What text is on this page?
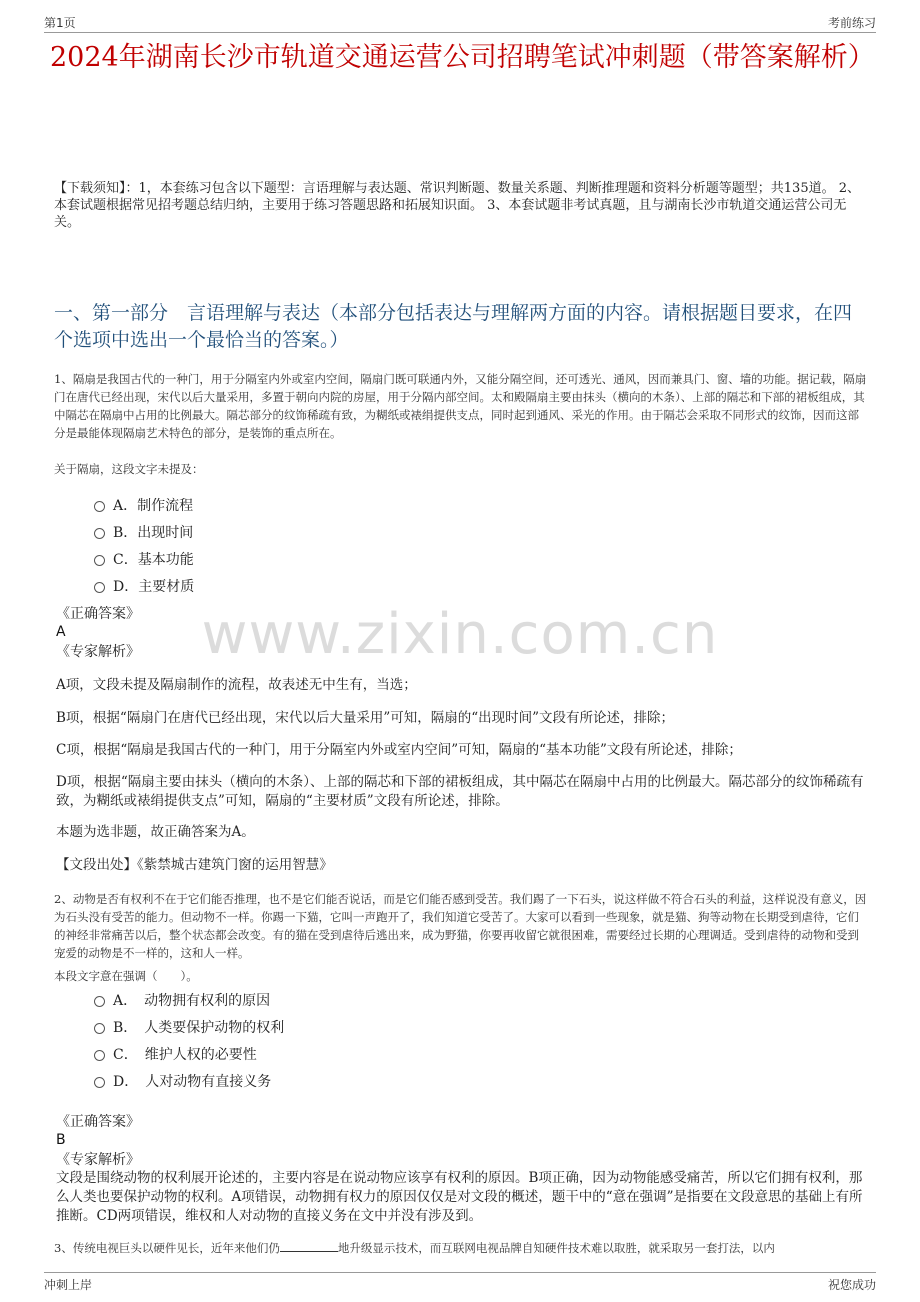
第1页	考前练习
2024年湖南长沙市轨道交通运营公司招聘笔试冲刺题（带答案解析）
【下载须知】：1，本套练习包含以下题型：言语理解与表达题、常识判断题、数量关系题、判断推理题和资料分析题等题型；共135道。 2、本套试题根据常见招考题总结归纳，主要用于练习答题思路和拓展知识面。 3、本套试题非考试真题，且与湖南长沙市轨道交通运营公司无关。
一、第一部分　言语理解与表达（本部分包括表达与理解两方面的内容。请根据题目要求，在四个选项中选出一个最恰当的答案。）
1、隔扇是我国古代的一种门，用于分隔室内外或室内空间，隔扇门既可联通内外，又能分隔空间，还可透光、通风，因而兼具门、窗、墙的功能。据记载，隔扇门在唐代已经出现，宋代以后大量采用，多置于朝向内院的房屋，用于分隔内部空间。太和殿隔扇主要由抹头（横向的木条）、上部的隔芯和下部的裙板组成，其中隔芯在隔扇中占用的比例最大。隔芯部分的纹饰稀疏有致，为糊纸或裱绢提供支点，同时起到通风、采光的作用。由于隔芯会采取不同形式的纹饰，因而这部分是最能体现隔扇艺术特色的部分，是装饰的重点所在。
关于隔扇，这段文字未提及：
A．制作流程
B．出现时间
C．基本功能
D．主要材质
《正确答案》
A
《专家解析》
A项，文段未提及隔扇制作的流程，故表述无中生有，当选；
B项，根据“隔扇门在唐代已经出现，宋代以后大量采用”可知，隔扇的“出现时间”文段有所论述，排除；
C项，根据“隔扇是我国古代的一种门，用于分隔室内外或室内空间”可知，隔扇的“基本功能”文段有所论述，排除；
D项，根据“隔扇主要由抹头（横向的木条）、上部的隔芯和下部的裙板组成，其中隔芯在隔扇中占用的比例最大。隔芯部分的纹饰稀疏有致，为糊纸或裱绢提供支点”可知，隔扇的“主要材质”文段有所论述，排除。
本题为选非题，故正确答案为A。
【文段出处】《紫禁城古建筑门窗的运用智慧》
2、动物是否有权利不在于它们能否推理，也不是它们能否说话，而是它们能否感到受苦。我们踢了一下石头，说这样做不符合石头的利益，这样说没有意义，因为石头没有受苦的能力。但动物不一样。你踢一下猫，它叫一声跑开了，我们知道它受苦了。大家可以看到一些现象，就是猫、狗等动物在长期受到虐待，它们的神经非常痛苦以后，整个状态都会改变。有的猫在受到虐待后逃出来，成为野猫，你要再收留它就很困难，需要经过长期的心理调适。受到虐待的动物和受到宠爱的动物是不一样的，这和人一样。
本段文字意在强调（　　）。
A．　动物拥有权利的原因
B．　人类要保护动物的权利
C．　维护人权的必要性
D．　人对动物有直接义务
《正确答案》
B
《专家解析》
文段是围绕动物的权利展开论述的，主要内容是在说动物应该享有权利的原因。B项正确，因为动物能感受痛苦，所以它们拥有权利，那么人类也要保护动物的权利。A项错误，动物拥有权力的原因仅仅是对文段的概述，题干中的“意在强调”是指要在文段意思的基础上有所推断。CD两项错误，维权和人对动物的直接义务在文中并没有涉及到。
3、传统电视巨头以硬件见长，近年来他们仍	地升级显示技术，而互联网电视品牌自知硬件技术难以取胜，就采取另一套打法，以内
www.zixin.com.cn
冲刺上岸	祝您成功
